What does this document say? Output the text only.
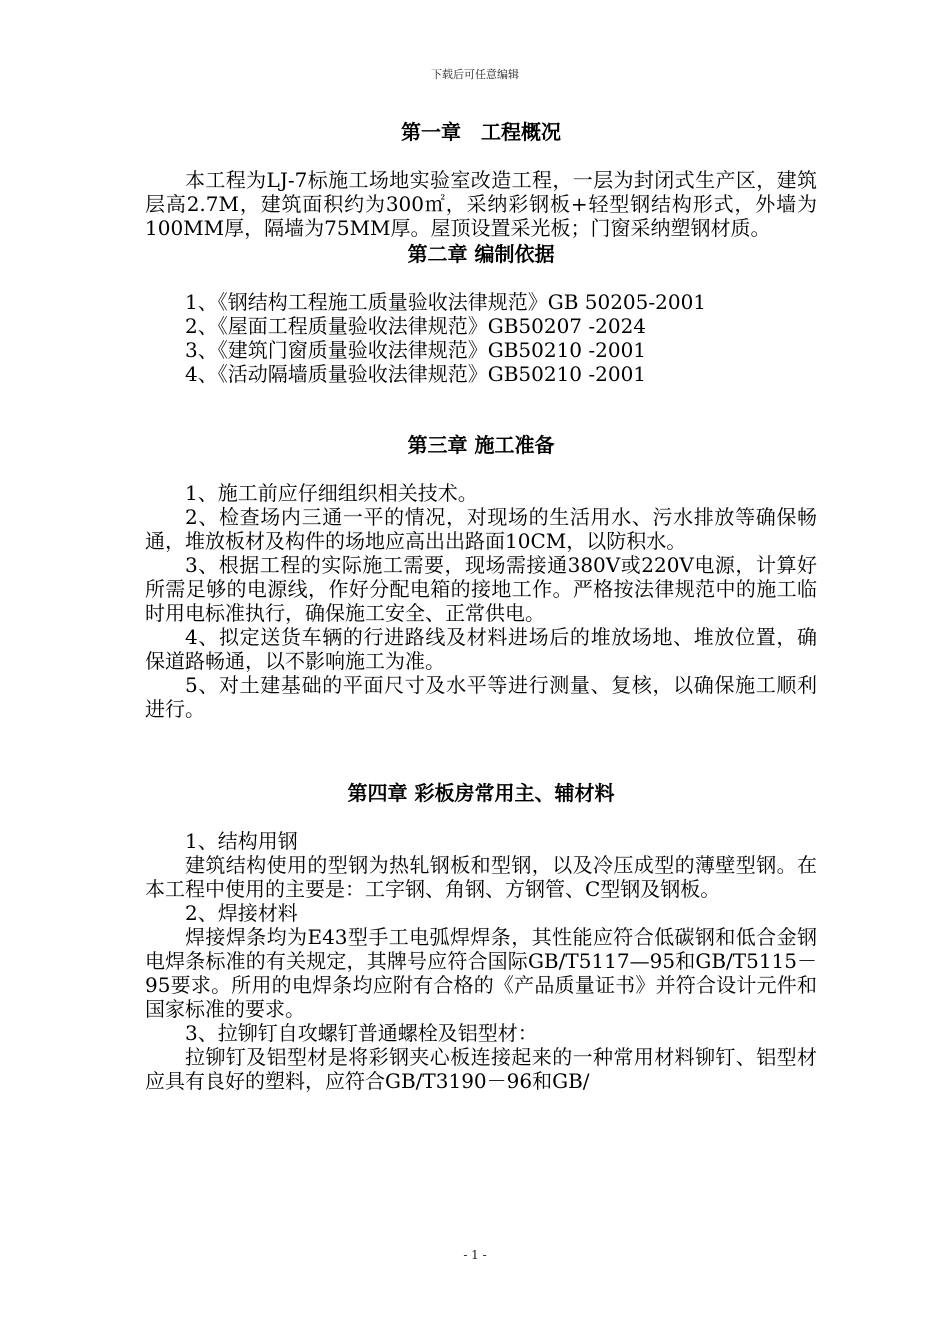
下载后可任意编辑
第一章　工程概况

本工程为LJ-7标施工场地实验室改造工程，一层为封闭式生产区，建筑层高2.7M，建筑面积约为300㎡，采纳彩钢板+轻型钢结构形式，外墙为100MM厚，隔墙为75MM厚。屋顶设置采光板；门窗采纳塑钢材质。

第二章 编制依据

1、《钢结构工程施工质量验收法律规范》GB 50205-2001

2、《屋面工程质量验收法律规范》GB50207 -2024

3、《建筑门窗质量验收法律规范》GB50210 -2001

4、《活动隔墙质量验收法律规范》GB50210 -2001

第三章 施工准备

1、施工前应仔细组织相关技术。

2、检查场内三通一平的情况，对现场的生活用水、污水排放等确保畅通，堆放板材及构件的场地应高出出路面10CM，以防积水。

3、根据工程的实际施工需要，现场需接通380V或220V电源，计算好所需足够的电源线，作好分配电箱的接地工作。严格按法律规范中的施工临时用电标准执行，确保施工安全、正常供电。

4、拟定送货车辆的行进路线及材料进场后的堆放场地、堆放位置，确保道路畅通，以不影响施工为准。

5、对土建基础的平面尺寸及水平等进行测量、复核，以确保施工顺利进行。

第四章 彩板房常用主、辅材料

1、结构用钢

建筑结构使用的型钢为热轧钢板和型钢，以及冷压成型的薄壁型钢。在本工程中使用的主要是：工字钢、角钢、方钢管、C型钢及钢板。

2、焊接材料

焊接焊条均为E43型手工电弧焊焊条，其性能应符合低碳钢和低合金钢电焊条标准的有关规定，其牌号应符合国际GB/T5117—95和GB/T5115－95要求。所用的电焊条均应附有合格的《产品质量证书》并符合设计元件和国家标准的要求。

3、拉铆钉自攻螺钉普通螺栓及铝型材：

拉铆钉及铝型材是将彩钢夹心板连接起来的一种常用材料铆钉、铝型材应具有良好的塑料，应符合GB/T3190－96和GB/

- 1 -
